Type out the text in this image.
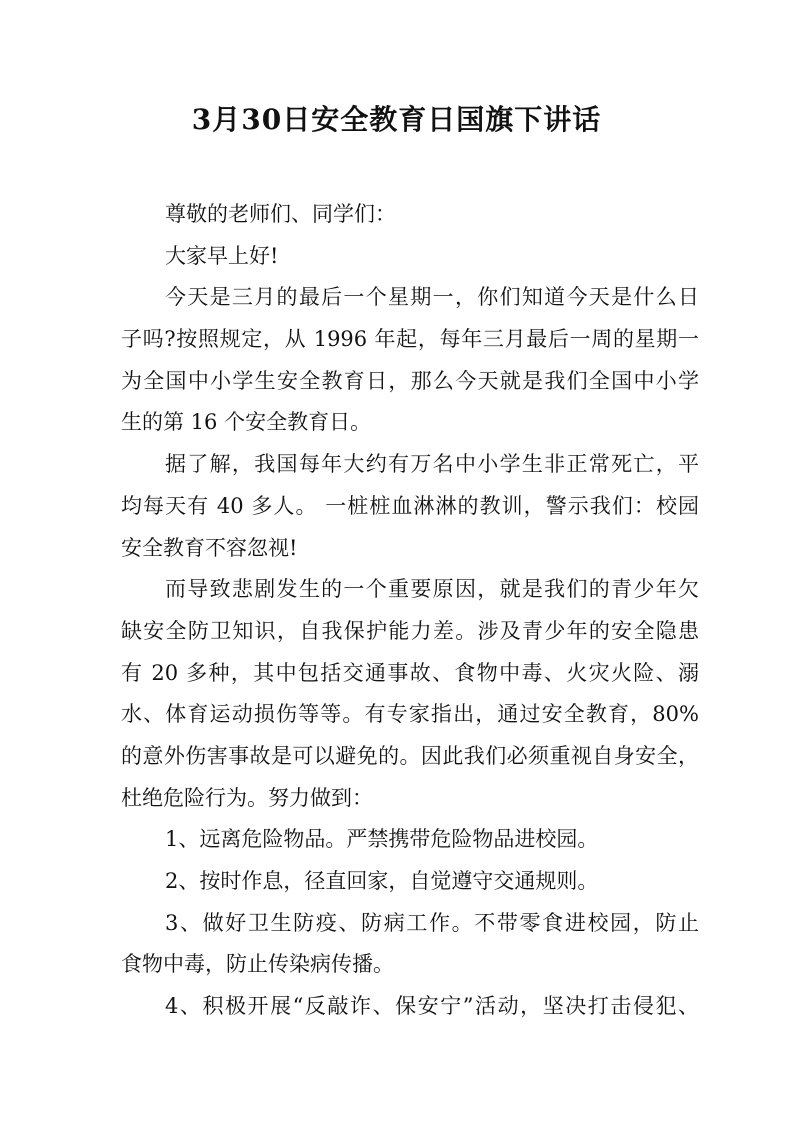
3月30日安全教育日国旗下讲话
尊敬的老师们、同学们：
大家早上好!
今天是三月的最后一个星期一，你们知道今天是什么日
子吗?按照规定，从 1996 年起，每年三月最后一周的星期一
为全国中小学生安全教育日，那么今天就是我们全国中小学
生的第 16 个安全教育日。
据了解，我国每年大约有万名中小学生非正常死亡，平
均每天有 40 多人。 一桩桩血淋淋的教训，警示我们：校园
安全教育不容忽视!
而导致悲剧发生的一个重要原因，就是我们的青少年欠
缺安全防卫知识，自我保护能力差。涉及青少年的安全隐患
有 20 多种，其中包括交通事故、食物中毒、火灾火险、溺
水、体育运动损伤等等。有专家指出，通过安全教育，80%
的意外伤害事故是可以避免的。因此我们必须重视自身安全，
杜绝危险行为。努力做到：
1、远离危险物品。严禁携带危险物品进校园。
2、按时作息，径直回家，自觉遵守交通规则。
3、做好卫生防疫、防病工作。不带零食进校园，防止
食物中毒，防止传染病传播。
4、积极开展“反敲诈、保安宁”活动，坚决打击侵犯、
